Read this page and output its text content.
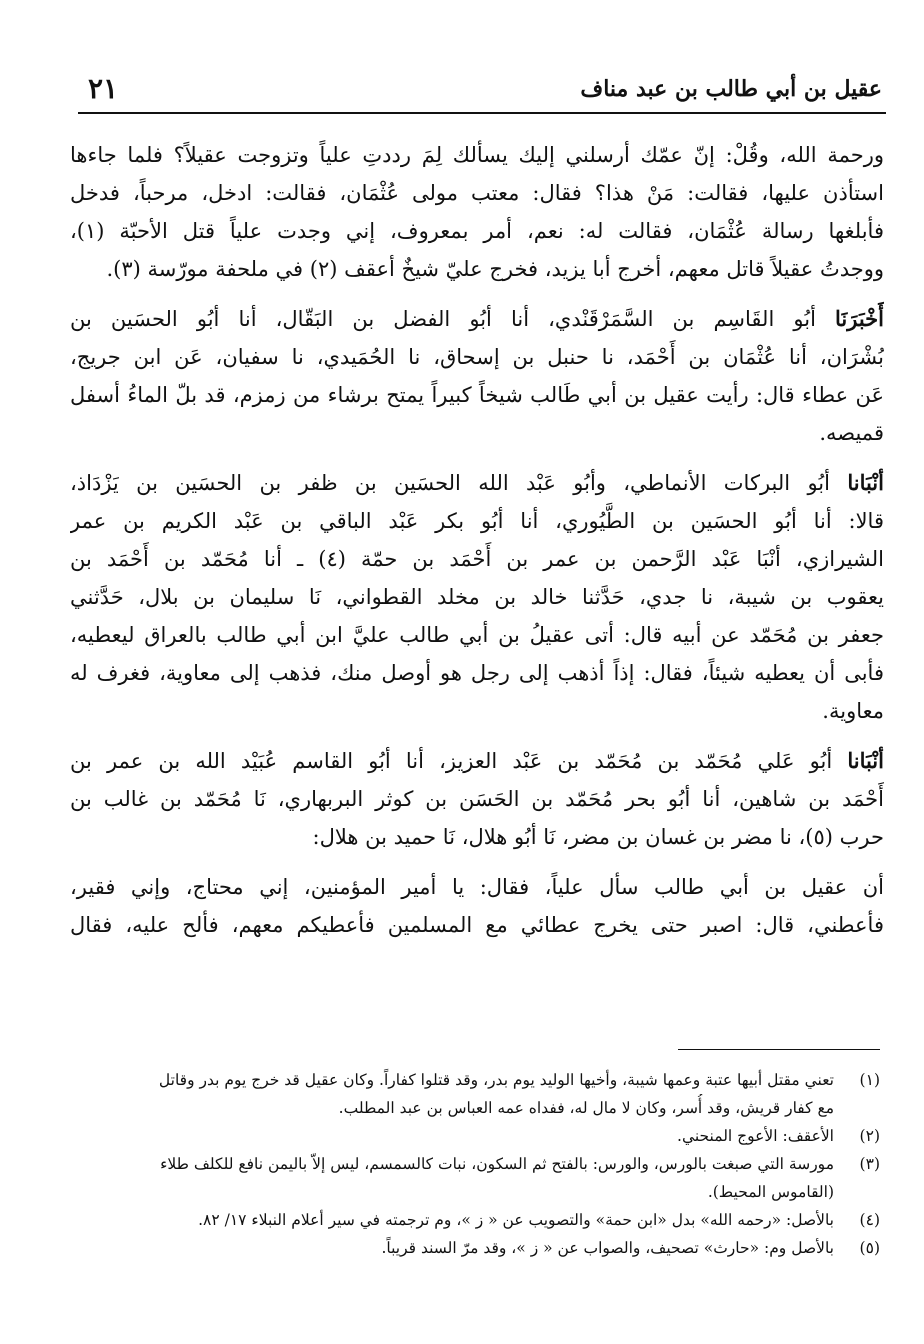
٢١	عقيل بن أبي طالب بن عبد مناف
ورحمة الله، وقُلْ: إنّ عمّك أرسلني إليك يسألك لِمَ رددتِ علياً وتزوجت عقيلاً؟ فلما جاءها
استأذن عليها، فقالت: مَنْ هذا؟ فقال: معتب مولى عُثْمَان، فقالت: ادخل، مرحباً، فدخل
فأبلغها رسالة عُثْمَان، فقالت له: نعم، أمر بمعروف، إني وجدت علياً قتل الأحبّة (١)،
ووجدتُ عقيلاً قاتل معهم، أخرج أبا يزيد، فخرج عليّ شيخٌ أعقف (٢) في ملحفة مورّسة (٣).
أَخْبَرَنَا أبُو القَاسِم بن السَّمَرْقَنْدي، أنا أبُو الفضل بن البَقّال، أنا أبُو الحسَين بن
بُشْرَان، أنا عُثْمَان بن أَحْمَد، نا حنبل بن إسحاق، نا الحُمَيدي، نا سفيان، عَن ابن جريج،
عَن عطاء قال: رأيت عقيل بن أبي طَالب شيخاً كبيراً يمتح برشاء من زمزم، قد بلّ الماءُ أسفل
قميصه.
أنْبَانا أبُو البركات الأنماطي، وأبُو عَبْد الله الحسَين بن ظفر بن الحسَين بن يَزْدَاذ،
قالا: أنا أبُو الحسَين بن الطَّيُوري، أنا أبُو بكر عَبْد الباقي بن عَبْد الكريم بن عمر
الشيرازي، أنْبَا عَبْد الرَّحمن بن عمر بن أَحْمَد بن حمّة (٤) ـ أنا مُحَمّد بن أَحْمَد بن
يعقوب بن شيبة، نا جدي، حَدَّثنا خالد بن مخلد القطواني، نَا سليمان بن بلال، حَدَّثني
جعفر بن مُحَمّد عن أبيه قال: أتى عقيلُ بن أبي طالب عليَّ ابن أبي طالب بالعراق ليعطيه،
فأبى أن يعطيه شيئاً، فقال: إذاً أذهب إلى رجل هو أوصل منك، فذهب إلى معاوية، فغرف له
معاوية.
أنْبَانا أبُو عَلي مُحَمّد بن مُحَمّد بن عَبْد العزيز، أنا أبُو القاسم عُبَيْد الله بن عمر بن
أَحْمَد بن شاهين، أنا أبُو بحر مُحَمّد بن الحَسَن بن كوثر البربهاري، نَا مُحَمّد بن غالب بن
حرب (٥)، نا مضر بن غسان بن مضر، نَا أبُو هلال، نَا حميد بن هلال:
أن عقيل بن أبي طالب سأل علياً، فقال: يا أمير المؤمنين، إني محتاج، وإني فقير،
فأعطني، قال: اصبر حتى يخرج عطائي مع المسلمين فأعطيكم معهم، فألح عليه، فقال
(١)
تعني مقتل أبيها عتبة وعمها شيبة، وأخيها الوليد يوم بدر، وقد قتلوا كفاراً. وكان عقيل قد خرج يوم بدر وقاتل
مع كفار قريش، وقد أُسر، وكان لا مال له، ففداه عمه العباس بن عبد المطلب.
(٢)
الأعقف: الأعوج المنحني.
(٣)
مورسة التي صبغت بالورس، والورس: بالفتح ثم السكون، نبات كالسمسم، ليس إلاّ باليمن نافع للكلف طلاء
(القاموس المحيط).
(٤)
بالأصل: «رحمه الله» بدل «ابن حمة» والتصويب عن « ز »، وم ترجمته في سير أعلام النبلاء ١٧/ ٨٢.
(٥)
بالأصل وم: «حارث» تصحيف، والصواب عن « ز »، وقد مرّ السند قريباً.
